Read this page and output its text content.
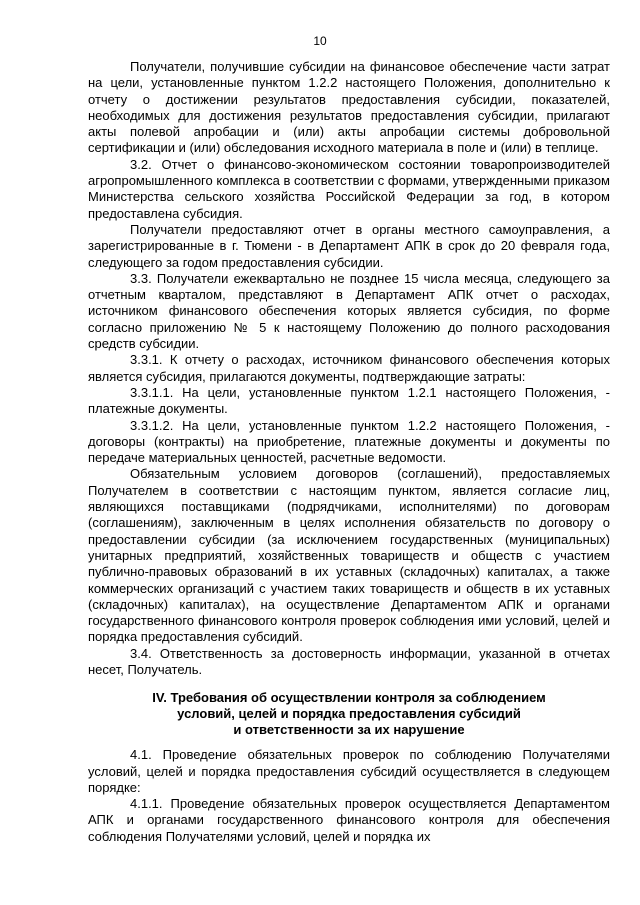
10

Получатели, получившие субсидии на финансовое обеспечение части затрат на цели, установленные пунктом 1.2.2 настоящего Положения, дополнительно к отчету о достижении результатов предоставления субсидии, показателей, необходимых для достижения результатов предоставления субсидии, прилагают акты полевой апробации и (или) акты апробации системы добровольной сертификации и (или) обследования исходного материала в поле и (или) в теплице.

3.2. Отчет о финансово-экономическом состоянии товаропроизводителей агропромышленного комплекса в соответствии с формами, утвержденными приказом Министерства сельского хозяйства Российской Федерации за год, в котором предоставлена субсидия.

Получатели предоставляют отчет в органы местного самоуправления, а зарегистрированные в г. Тюмени - в Департамент АПК в срок до 20 февраля года, следующего за годом предоставления субсидии.

3.3. Получатели ежеквартально не позднее 15 числа месяца, следующего за отчетным кварталом, представляют в Департамент АПК отчет о расходах, источником финансового обеспечения которых является субсидия, по форме согласно приложению № 5 к настоящему Положению до полного расходования средств субсидии.

3.3.1. К отчету о расходах, источником финансового обеспечения которых является субсидия, прилагаются документы, подтверждающие затраты:

3.3.1.1. На цели, установленные пунктом 1.2.1 настоящего Положения, - платежные документы.

3.3.1.2. На цели, установленные пунктом 1.2.2 настоящего Положения, - договоры (контракты) на приобретение, платежные документы и документы по передаче материальных ценностей, расчетные ведомости.

Обязательным условием договоров (соглашений), предоставляемых Получателем в соответствии с настоящим пунктом, является согласие лиц, являющихся поставщиками (подрядчиками, исполнителями) по договорам (соглашениям), заключенным в целях исполнения обязательств по договору о предоставлении субсидии (за исключением государственных (муниципальных) унитарных предприятий, хозяйственных товариществ и обществ с участием публично-правовых образований в их уставных (складочных) капиталах, а также коммерческих организаций с участием таких товариществ и обществ в их уставных (складочных) капиталах), на осуществление Департаментом АПК и органами государственного финансового контроля проверок соблюдения ими условий, целей и порядка предоставления субсидий.

3.4. Ответственность за достоверность информации, указанной в отчетах несет, Получатель.

IV. Требования об осуществлении контроля за соблюдением
условий, целей и порядка предоставления субсидий
и ответственности за их нарушение

4.1. Проведение обязательных проверок по соблюдению Получателями условий, целей и порядка предоставления субсидий осуществляется в следующем порядке:

4.1.1. Проведение обязательных проверок осуществляется Департаментом АПК и органами государственного финансового контроля для обеспечения соблюдения Получателями условий, целей и порядка их
